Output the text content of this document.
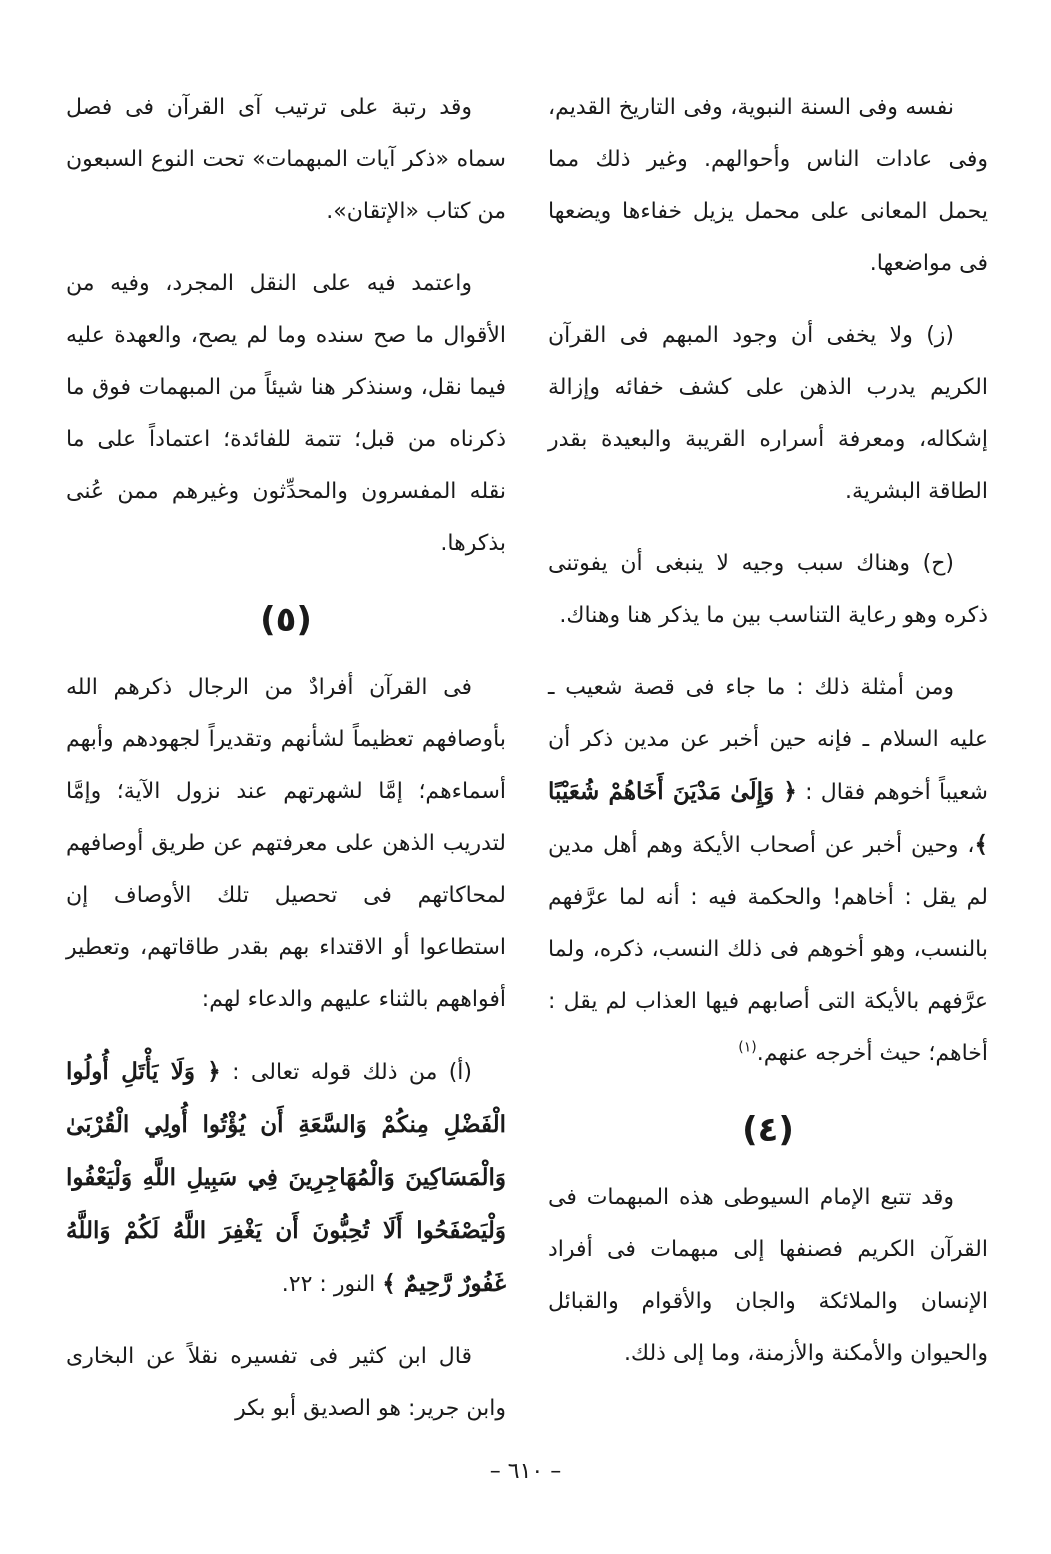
نفسه وفى السنة النبوية، وفى التاريخ القديم، وفى عادات الناس وأحوالهم. وغير ذلك مما يحمل المعانى على محمل يزيل خفاءها ويضعها فى مواضعها.

(ز) ولا يخفى أن وجود المبهم فى القرآن الكريم يدرب الذهن على كشف خفائه وإزالة إشكاله، ومعرفة أسراره القريبة والبعيدة بقدر الطاقة البشرية.

(ح) وهناك سبب وجيه لا ينبغى أن يفوتنى ذكره وهو رعاية التناسب بين ما يذكر هنا وهناك.

ومن أمثلة ذلك : ما جاء فى قصة شعيب ـ عليه السلام ـ فإنه حين أخبر عن مدين ذكر أن شعيباً أخوهم فقال : ﴿ وَإِلَىٰ مَدْيَنَ أَخَاهُمْ شُعَيْبًا ﴾، وحين أخبر عن أصحاب الأيكة وهم أهل مدين لم يقل : أخاهم! والحكمة فيه : أنه لما عرَّفهم بالنسب، وهو أخوهم فى ذلك النسب، ذكره، ولما عرَّفهم بالأيكة التى أصابهم فيها العذاب لم يقل : أخاهم؛ حيث أخرجه عنهم.$^{(١)}$

(٤)

وقد تتبع الإمام السيوطى هذه المبهمات فى القرآن الكريم فصنفها إلى مبهمات فى أفراد الإنسان والملائكة والجان والأقوام والقبائل والحيوان والأمكنة والأزمنة، وما إلى ذلك.

وقد رتبة على ترتيب آى القرآن فى فصل سماه «ذكر آيات المبهمات» تحت النوع السبعون من كتاب «الإتقان».

واعتمد فيه على النقل المجرد، وفيه من الأقوال ما صح سنده وما لم يصح، والعهدة عليه فيما نقل، وسنذكر هنا شيئاً من المبهمات فوق ما ذكرناه من قبل؛ تتمة للفائدة؛ اعتماداً على ما نقله المفسرون والمحدِّثون وغيرهم ممن عُنى بذكرها.

(٥)

فى القرآن أفرادٌ من الرجال ذكرهم الله بأوصافهم تعظيماً لشأنهم وتقديراً لجهودهم وأبهم أسماءهم؛ إمَّا لشهرتهم عند نزول الآية؛ وإمَّا لتدريب الذهن على معرفتهم عن طريق أوصافهم لمحاكاتهم فى تحصيل تلك الأوصاف إن استطاعوا أو الاقتداء بهم بقدر طاقاتهم، وتعطير أفواههم بالثناء عليهم والدعاء لهم:

(أ) من ذلك قوله تعالى : ﴿ وَلَا يَأْتَلِ أُولُوا الْفَضْلِ مِنكُمْ وَالسَّعَةِ أَن يُؤْتُوا أُولِي الْقُرْبَىٰ وَالْمَسَاكِينَ وَالْمُهَاجِرِينَ فِي سَبِيلِ اللَّهِ وَلْيَعْفُوا وَلْيَصْفَحُوا أَلَا تُحِبُّونَ أَن يَغْفِرَ اللَّهُ لَكُمْ وَاللَّهُ غَفُورٌ رَّحِيمٌ ﴾ النور : ٢٢.

قال ابن كثير فى تفسيره نقلاً عن البخارى وابن جرير: هو الصديق أبو بكر

– ٦١٠ –
